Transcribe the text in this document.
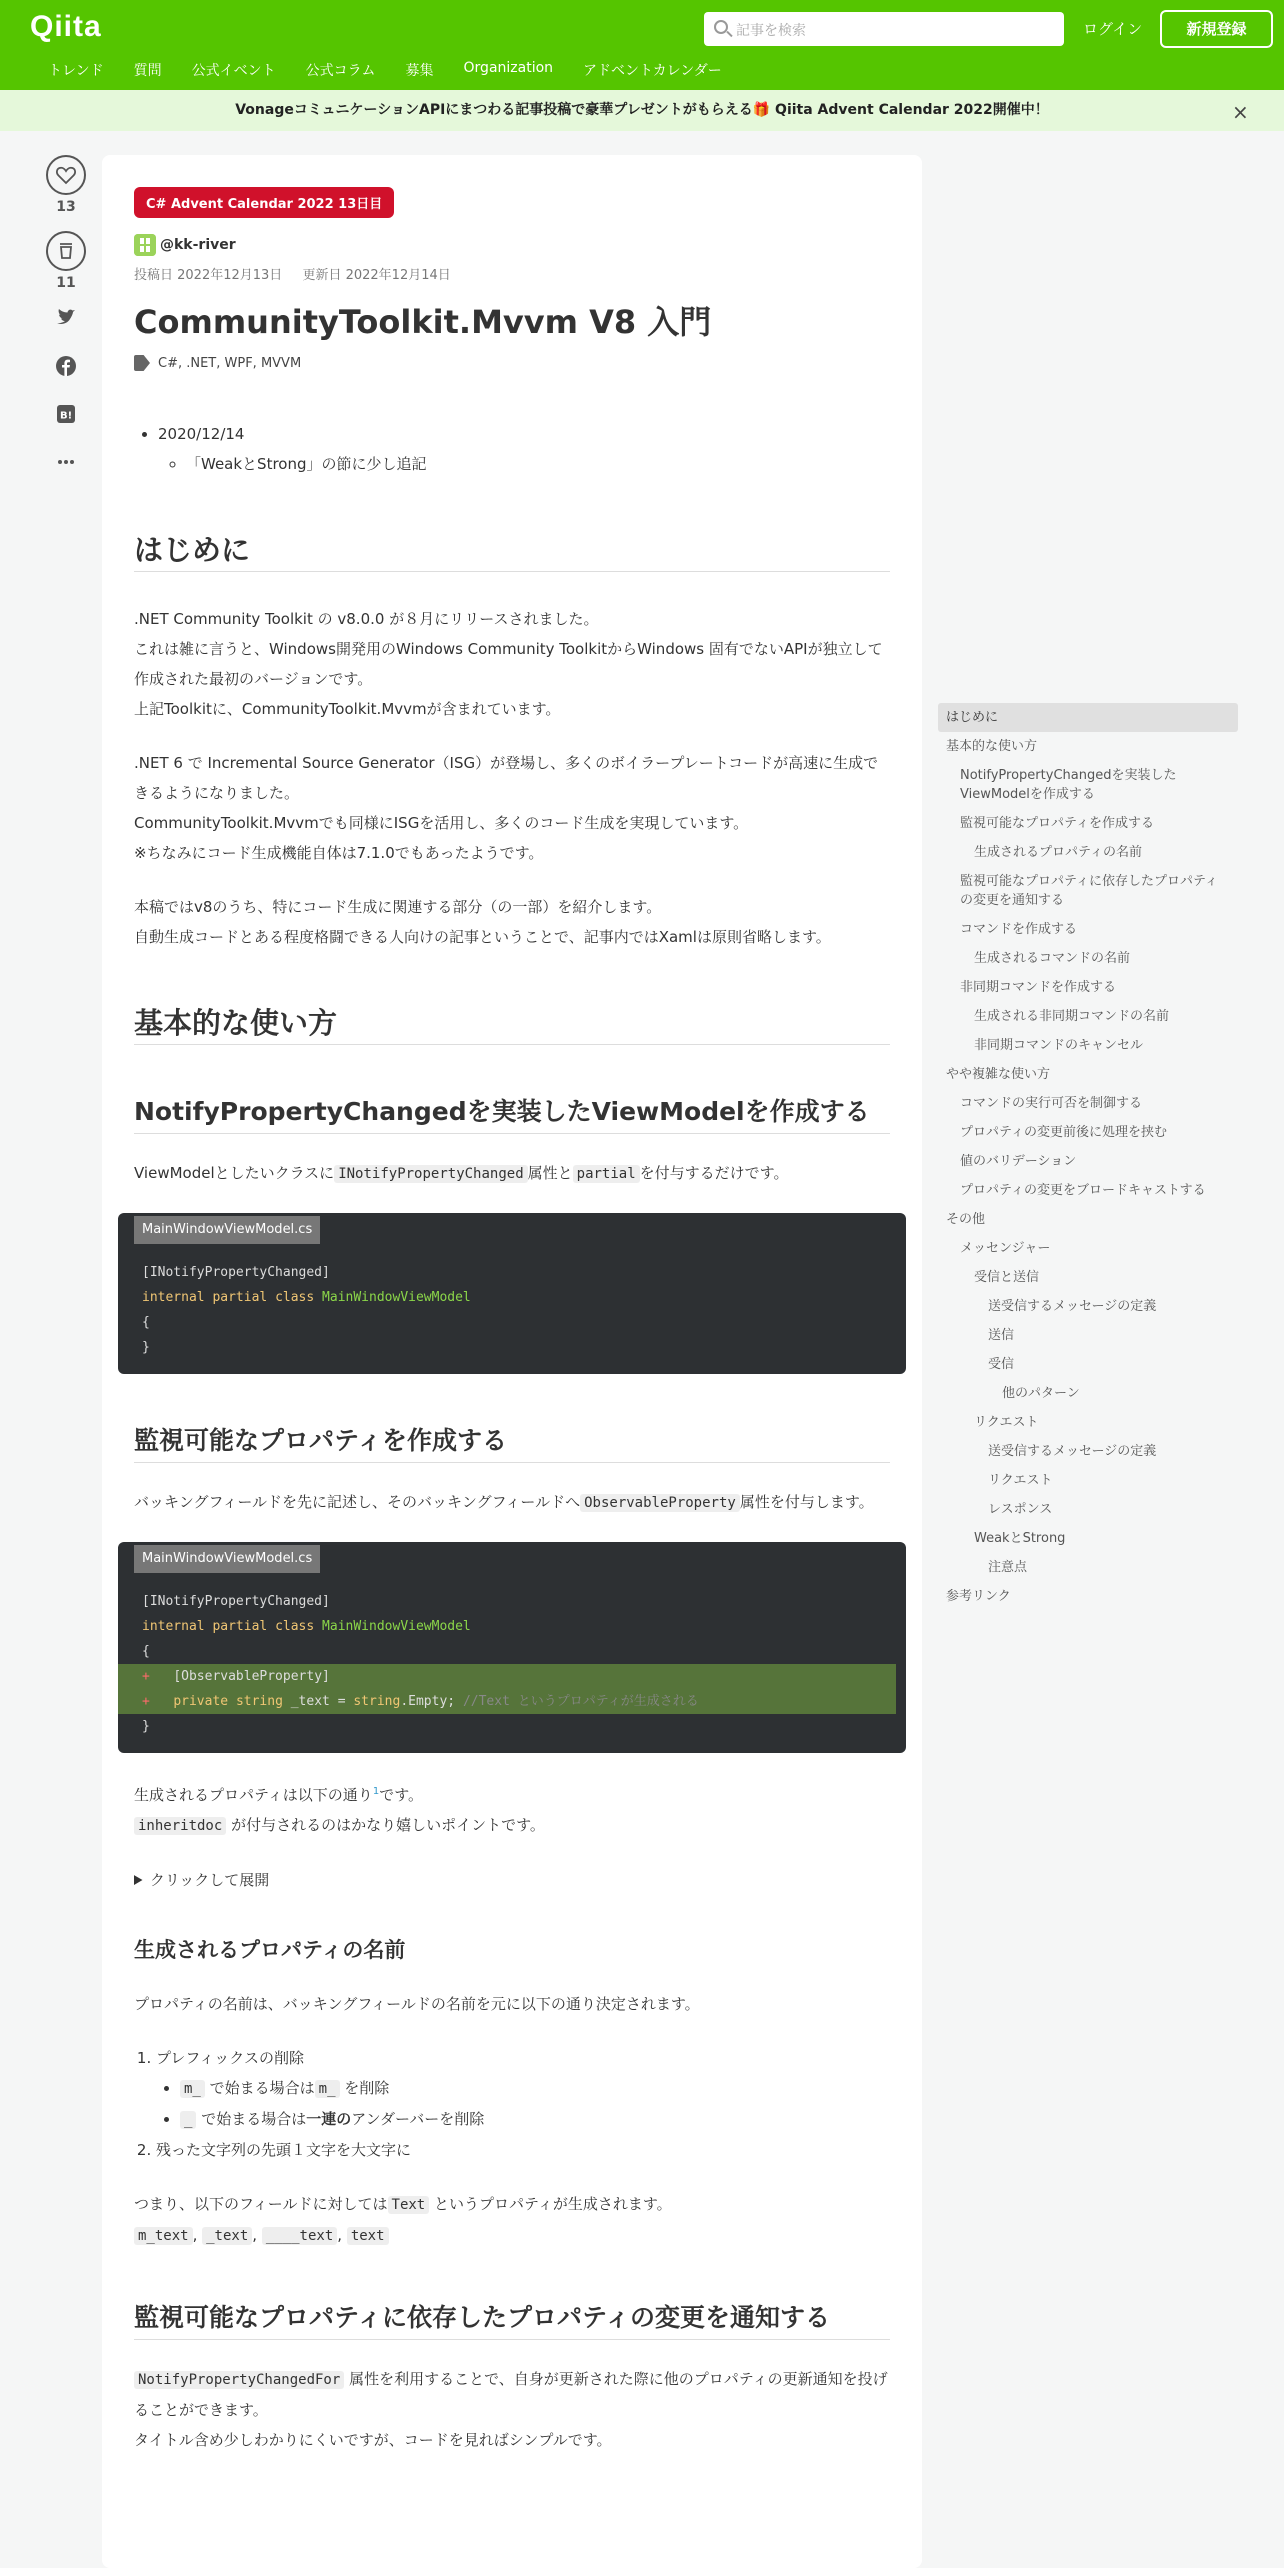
Qiita	記事を検索	ログイン	新規登録
トレンド 質問 公式イベント 公式コラム 募集 Organization アドベントカレンダー
VonageコミュニケーションAPIにまつわる記事投稿で豪華プレゼントがもらえる🎁 Qiita Advent Calendar 2022開催中！	×
13
11
B!
C# Advent Calendar 2022 13日目
@kk-river
投稿日 2022年12月13日 更新日 2022年12月14日
CommunityToolkit.Mvvm V8 入門
C#, .NET, WPF, MVVM
• 2020/12/14
◦ 「WeakとStrong」の節に少し追記
はじめに

.NET Community Toolkit の v8.0.0 が８月にリリースされました。
これは雑に言うと、Windows開発用のWindows Community ToolkitからWindows 固有でないAPIが独立して作成された最初のバージョンです。
上記Toolkitに、CommunityToolkit.Mvvmが含まれています。

.NET 6 で Incremental Source Generator（ISG）が登場し、多くのボイラープレートコードが高速に生成できるようになりました。
CommunityToolkit.Mvvmでも同様にISGを活用し、多くのコード生成を実現しています。
※ちなみにコード生成機能自体は7.1.0でもあったようです。

本稿ではv8のうち、特にコード生成に関連する部分（の一部）を紹介します。
自動生成コードとある程度格闘できる人向けの記事ということで、記事内ではXamlは原則省略します。

基本的な使い方
NotifyPropertyChangedを実装したViewModelを作成する

ViewModelとしたいクラスに INotifyPropertyChanged 属性と partial を付与するだけです。

MainWindowViewModel.cs
[INotifyPropertyChanged]
internal partial class MainWindowViewModel
{
}
監視可能なプロパティを作成する

バッキングフィールドを先に記述し、そのバッキングフィールドへ ObservableProperty 属性を付与します。

MainWindowViewModel.cs
[INotifyPropertyChanged]
internal partial class MainWindowViewModel
{

+ [ObservableProperty]
+ private string _text = string.Empty; //Text というプロパティが生成される
}

生成されるプロパティは以下の通り$^1$です。
inheritdoc が付与されるのはかなり嬉しいポイントです。

クリックして展開
生成されるプロパティの名前

プロパティの名前は、バッキングフィールドの名前を元に以下の通り決定されます。

1. プレフィックスの削除
• m_ で始まる場合は m_ を削除
• _ で始まる場合は一連のアンダーバーを削除
2. 残った文字列の先頭１文字を大文字に

つまり、以下のフィールドに対しては Text というプロパティが生成されます。
m_text , _text , ____text , text

監視可能なプロパティに依存したプロパティの変更を通知する

NotifyPropertyChangedFor 属性を利用することで、自身が更新された際に他のプロパティの更新通知を投げることができます。
タイトル含め少しわかりにくいですが、コードを見ればシンプルです。

はじめに
基本的な使い方
NotifyPropertyChangedを実装したViewModelを作成する
監視可能なプロパティを作成する
生成されるプロパティの名前
監視可能なプロパティに依存したプロパティの変更を通知する
コマンドを作成する
生成されるコマンドの名前
非同期コマンドを作成する
生成される非同期コマンドの名前
非同期コマンドのキャンセル
やや複雑な使い方
コマンドの実行可否を制御する
プロパティの変更前後に処理を挟む
値のバリデーション
プロパティの変更をブロードキャストする
その他
メッセンジャー
受信と送信
送受信するメッセージの定義
送信
受信
他のパターン
リクエスト
送受信するメッセージの定義
リクエスト
レスポンス
WeakとStrong
注意点
参考リンク
